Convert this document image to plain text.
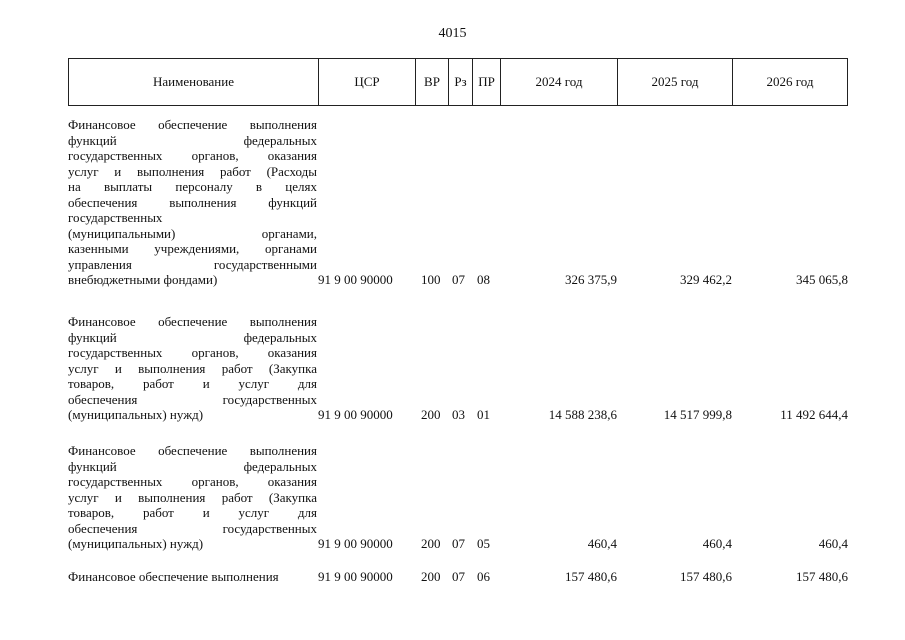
4015
Наименование	ЦСР	ВР	Рз ПР	2024 год	2025 год	2026 год
Финансовое обеспечение выполнения
функций федеральных
государственных органов, оказания
услуг и выполнения работ (Расходы
на выплаты персоналу в целях
обеспечения выполнения функций
государственных
(муниципальными) органами,
казенными учреждениями, органами
управления государственными
внебюджетными фондами)	91 9 00 90000	100 07 08	326 375,9	329 462,2	345 065,8
Финансовое обеспечение выполнения
функций федеральных
государственных органов, оказания
услуг и выполнения работ (Закупка
товаров, работ и услуг для
обеспечения государственных
(муниципальных) нужд)	91 9 00 90000	200 03 01	14 588 238,6	14 517 999,8	11 492 644,4
Финансовое обеспечение выполнения
функций федеральных
государственных органов, оказания
услуг и выполнения работ (Закупка
товаров, работ и услуг для
обеспечения государственных
(муниципальных) нужд)	91 9 00 90000	200 07 05	460,4	460,4	460,4
Финансовое обеспечение выполнения	91 9 00 90000	200 07 06	157 480,6	157 480,6	157 480,6
